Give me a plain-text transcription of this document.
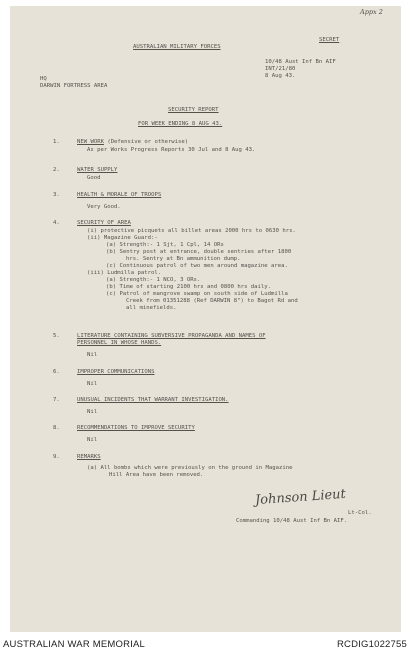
Appx 2
AUSTRALIAN MILITARY FORCES
SECRET
10/48 Aust Inf Bn AIF
INT/21/80
8 Aug 43.
HQ
DARWIN FORTRESS AREA
SECURITY REPORT
FOR WEEK ENDING 8 AUG 43.
1.	NEW WORK (Defensive or otherwise)
As per Works Progress Reports 30 Jul and 8 Aug 43.
2.	WATER SUPPLY
Good
3.	HEALTH & MORALE OF TROOPS
Very Good.
4.	SECURITY OF AREA
(i) protective picquets all billet areas 2000 hrs to 0630 hrs.
(ii) Magazine Guard:-
(a) Strength:- 1 Sjt, 1 Cpl, 14 ORs
(b) Sentry post at entrance, double sentries after 1800
hrs. Sentry at Bn ammunition dump.
(c) Continuous patrol of two men around magazine area.
(iii) Ludmilla patrol.
(a) Strength:- 1 NCO, 3 ORs.
(b) Time of starting 2100 hrs and 0800 hrs daily.
(c) Patrol of mangrove swamp on south side of Ludmilla
Creek from 01351288 (Ref DARWIN 8") to Bagot Rd and
all minefields.
5.	LITERATURE CONTAINING SUBVERSIVE PROPAGANDA AND NAMES OF
PERSONNEL IN WHOSE HANDS.
Nil
6.	IMPROPER COMMUNICATIONS
Nil
7.	UNUSUAL INCIDENTS THAT WARRANT INVESTIGATION.
Nil
8.	RECOMMENDATIONS TO IMPROVE SECURITY
Nil
9.	REMARKS
(a) All bombs which were previously on the ground in Magazine
Hill Area have been removed.
Johnson Lieut
Lt-Col.
Commanding 10/48 Aust Inf Bn AIF.
AUSTRALIAN WAR MEMORIAL	RCDIG1022755
